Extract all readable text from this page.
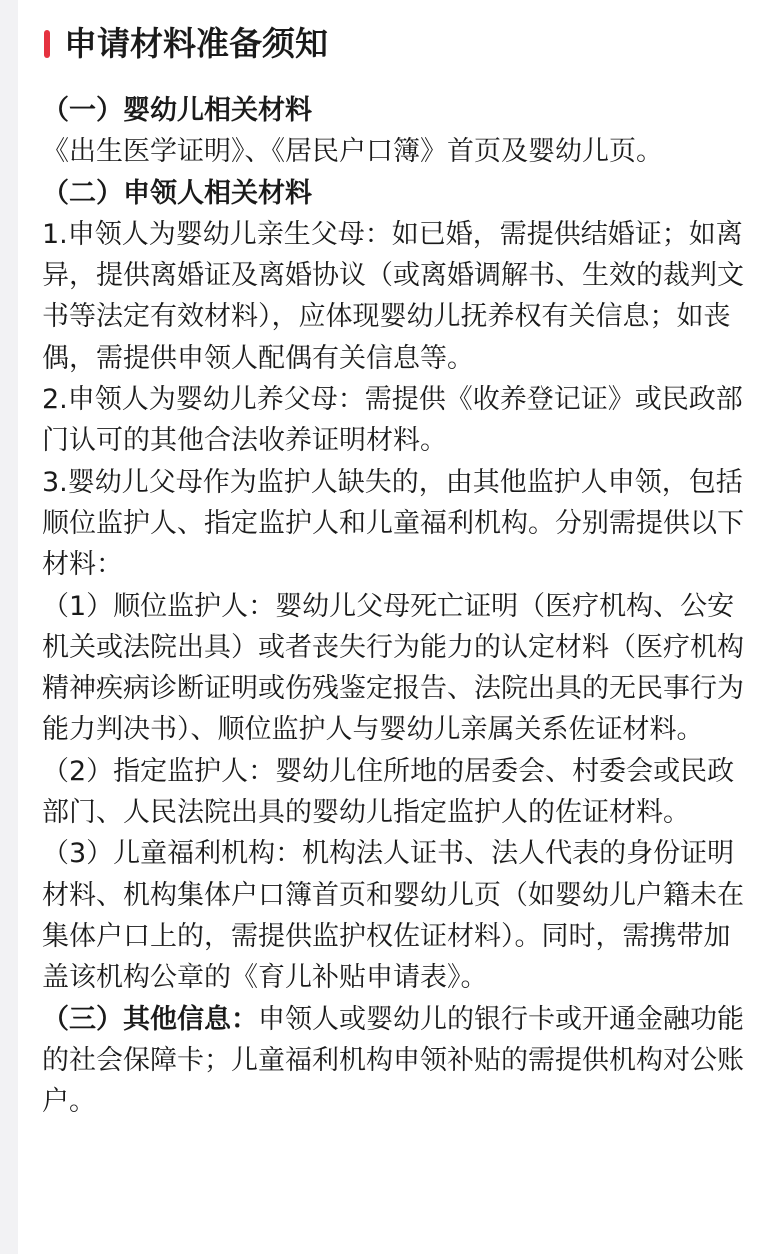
申请材料准备须知

（一）婴幼儿相关材料

《出生医学证明》、《居民户口簿》首页及婴幼儿页。

（二）申领人相关材料

1.申领人为婴幼儿亲生父母：如已婚，需提供结婚证；如离异，提供离婚证及离婚协议（或离婚调解书、生效的裁判文书等法定有效材料），应体现婴幼儿抚养权有关信息；如丧偶，需提供申领人配偶有关信息等。

2.申领人为婴幼儿养父母：需提供《收养登记证》或民政部门认可的其他合法收养证明材料。

3.婴幼儿父母作为监护人缺失的，由其他监护人申领，包括顺位监护人、指定监护人和儿童福利机构。分别需提供以下材料：

（1）顺位监护人：婴幼儿父母死亡证明（医疗机构、公安机关或法院出具）或者丧失行为能力的认定材料（医疗机构精神疾病诊断证明或伤残鉴定报告、法院出具的无民事行为能力判决书）、顺位监护人与婴幼儿亲属关系佐证材料。

（2）指定监护人：婴幼儿住所地的居委会、村委会或民政部门、人民法院出具的婴幼儿指定监护人的佐证材料。

（3）儿童福利机构：机构法人证书、法人代表的身份证明材料、机构集体户口簿首页和婴幼儿页（如婴幼儿户籍未在集体户口上的，需提供监护权佐证材料）。同时，需携带加盖该机构公章的《育儿补贴申请表》。

（三）其他信息：申领人或婴幼儿的银行卡或开通金融功能的社会保障卡；儿童福利机构申领补贴的需提供机构对公账户。
